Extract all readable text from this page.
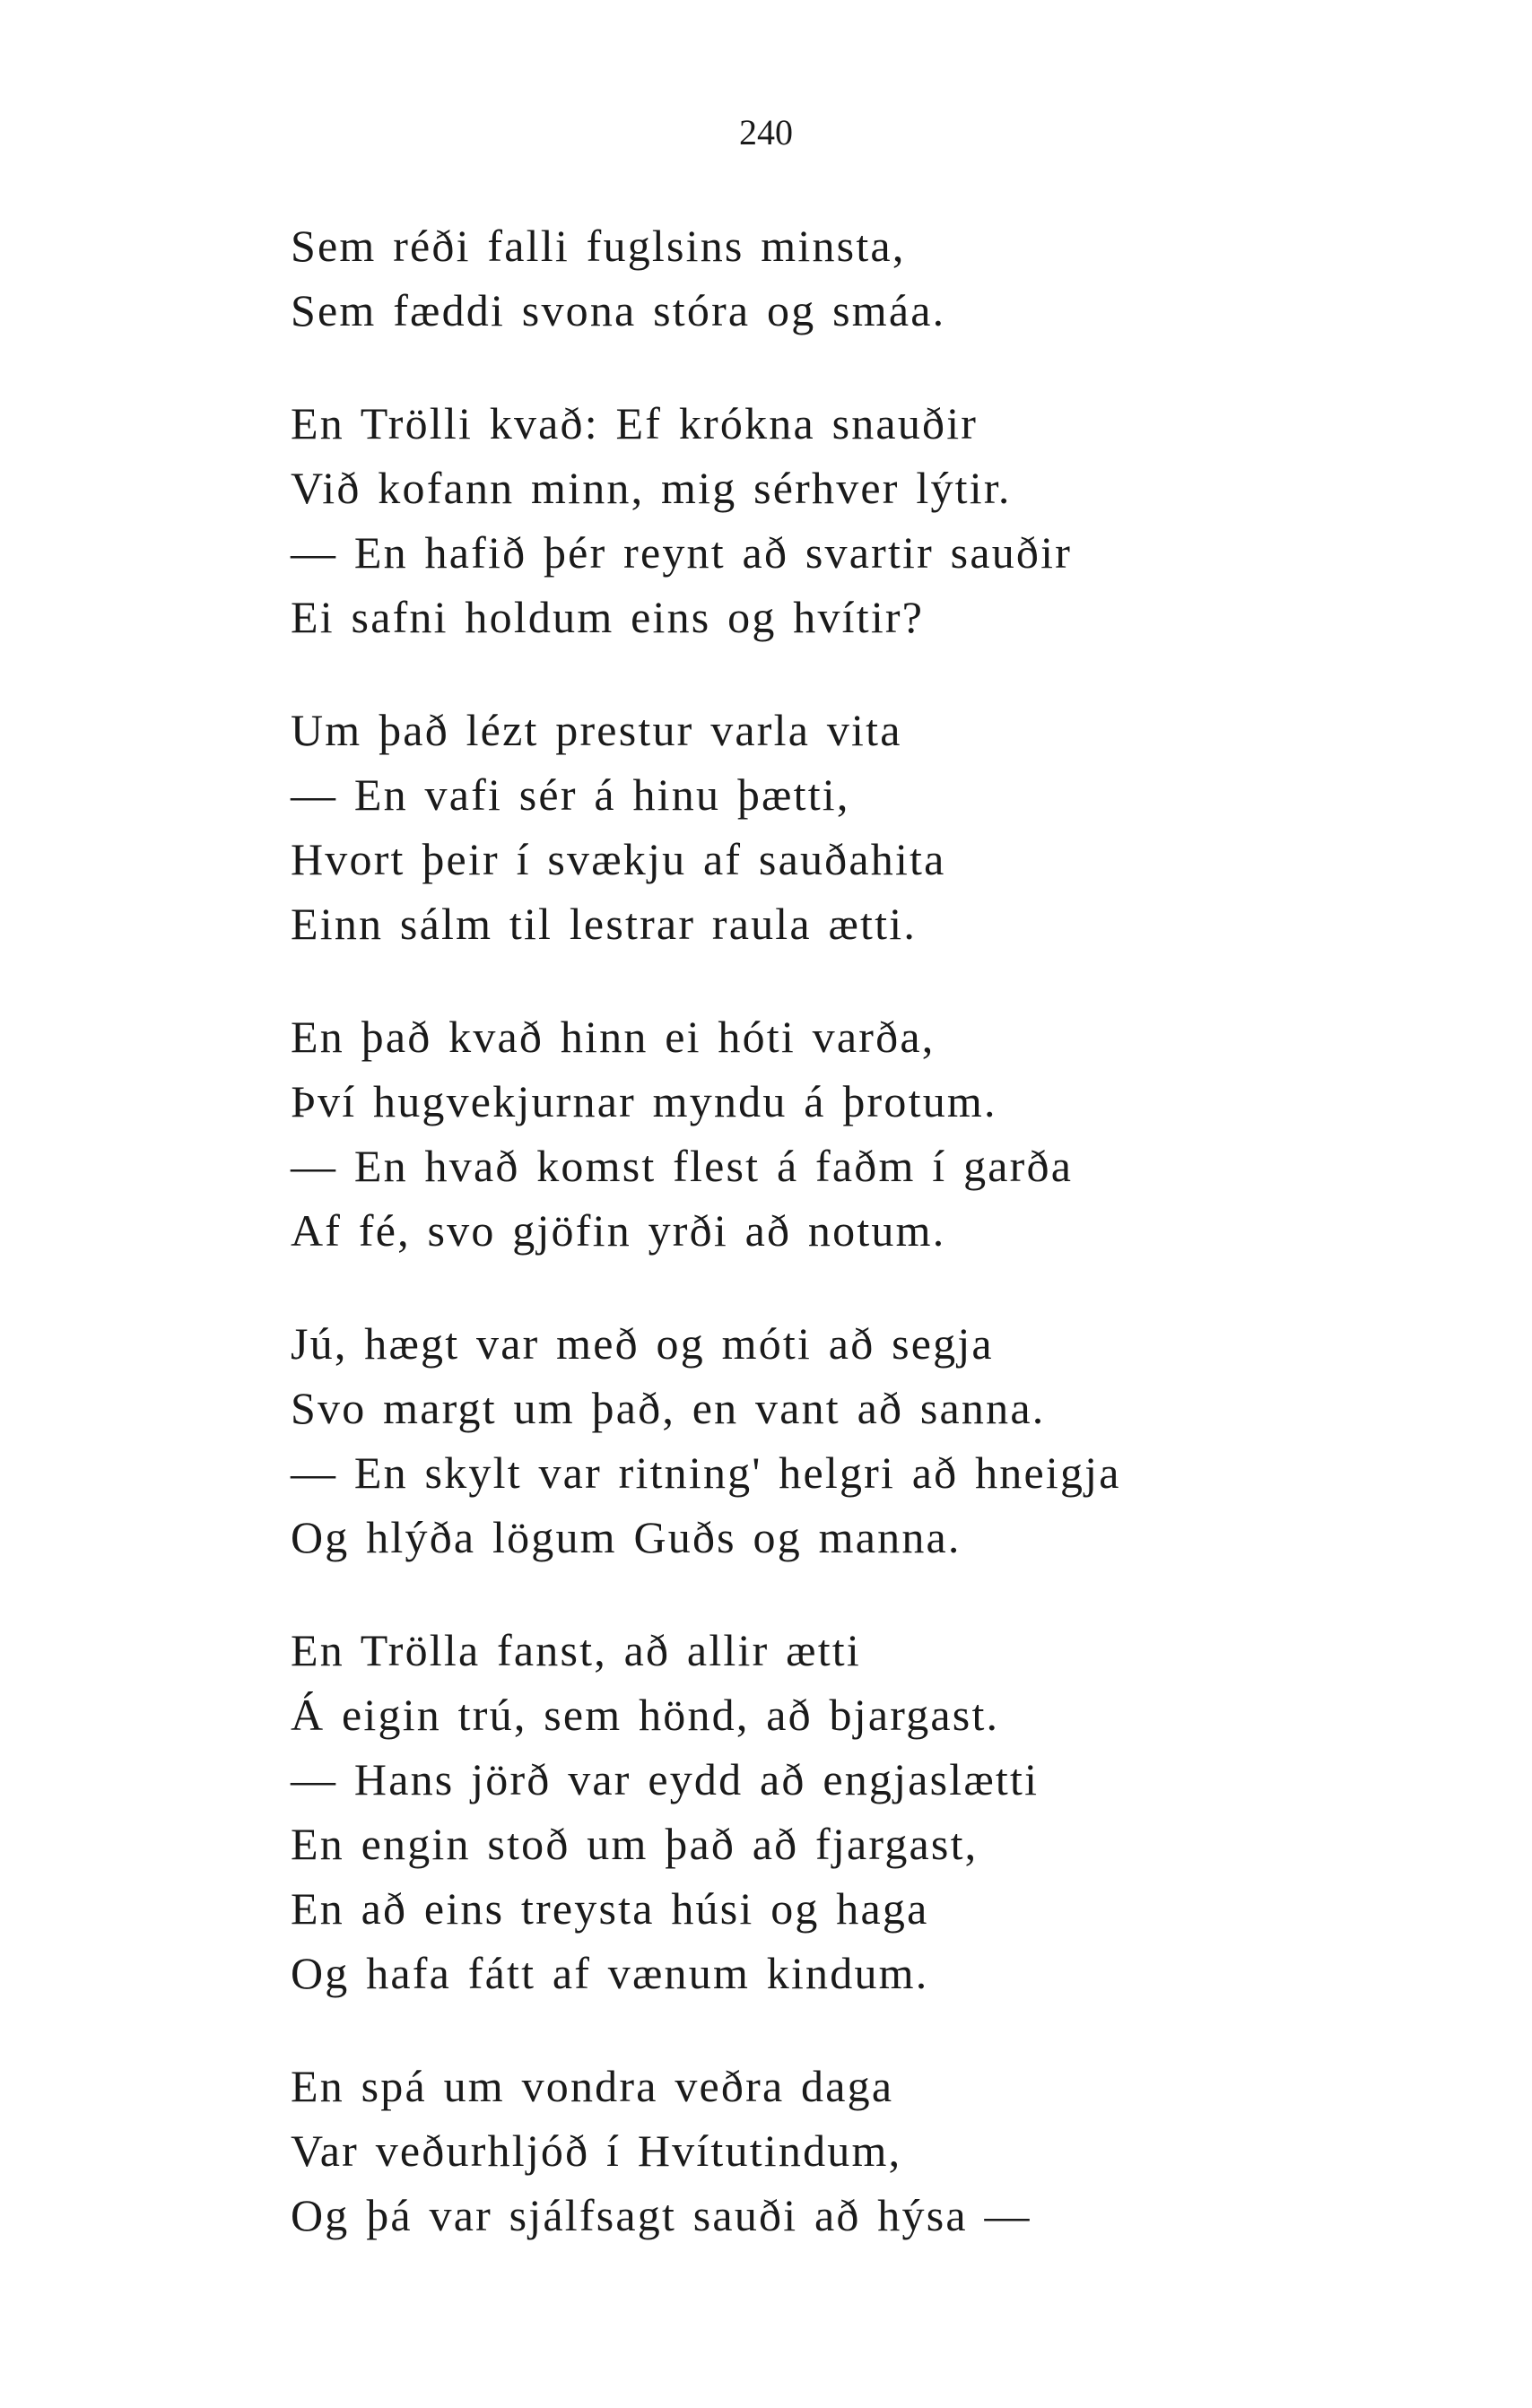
240
Sem réði falli fuglsins minsta,
Sem fæddi svona stóra og smáa.
En Trölli kvað: Ef krókna snauðir
Við kofann minn, mig sérhver lýtir.
— En hafið þér reynt að svartir sauðir
Ei safni holdum eins og hvítir?
Um það lézt prestur varla vita
— En vafi sér á hinu þætti,
Hvort þeir í svækju af sauðahita
Einn sálm til lestrar raula ætti.
En það kvað hinn ei hóti varða,
Því hugvekjurnar myndu á þrotum.
— En hvað komst flest á faðm í garða
Af fé, svo gjöfin yrði að notum.
Jú, hægt var með og móti að segja
Svo margt um það, en vant að sanna.
— En skylt var ritning' helgri að hneigja
Og hlýða lögum Guðs og manna.
En Trölla fanst, að allir ætti
Á eigin trú, sem hönd, að bjargast.
— Hans jörð var eydd að engjaslætti
En engin stoð um það að fjargast,
En að eins treysta húsi og haga
Og hafa fátt af vænum kindum.
En spá um vondra veðra daga
Var veðurhljóð í Hvítutindum,
Og þá var sjálfsagt sauði að hýsa —
